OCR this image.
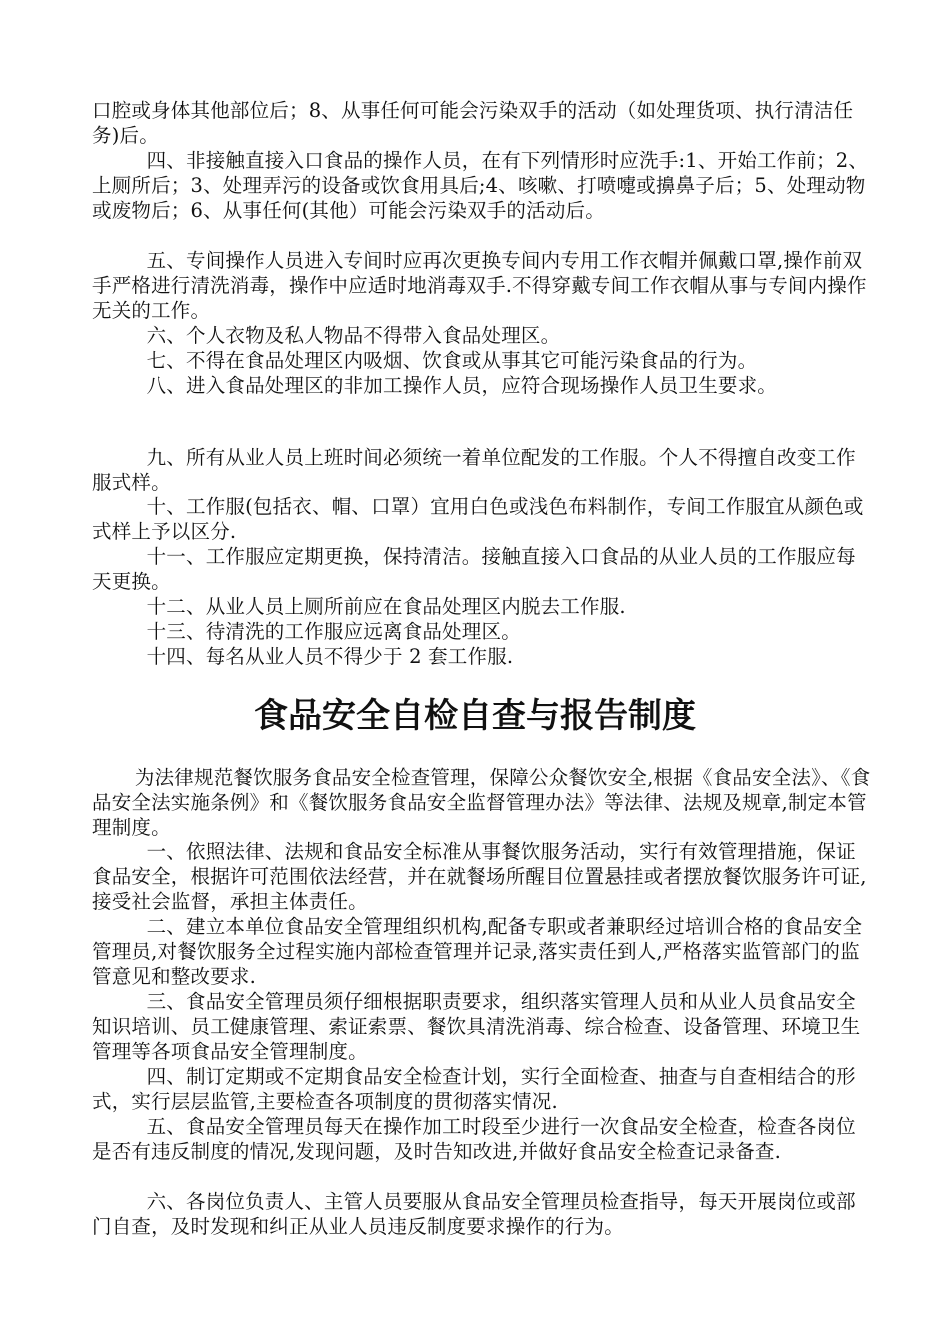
口腔或身体其他部位后；8、从事任何可能会污染双手的活动（如处理货项、执行清洁任务)后。

四、非接触直接入口食品的操作人员，在有下列情形时应洗手:1、开始工作前；2、上厕所后；3、处理弄污的设备或饮食用具后;4、咳嗽、打喷嚏或擤鼻子后；5、处理动物或废物后；6、从事任何(其他）可能会污染双手的活动后。

五、专间操作人员进入专间时应再次更换专间内专用工作衣帽并佩戴口罩,操作前双手严格进行清洗消毒，操作中应适时地消毒双手.不得穿戴专间工作衣帽从事与专间内操作无关的工作。

六、个人衣物及私人物品不得带入食品处理区。

七、不得在食品处理区内吸烟、饮食或从事其它可能污染食品的行为。

八、进入食品处理区的非加工操作人员，应符合现场操作人员卫生要求。

九、所有从业人员上班时间必须统一着单位配发的工作服。个人不得擅自改变工作服式样。

十、工作服(包括衣、帽、口罩）宜用白色或浅色布料制作，专间工作服宜从颜色或式样上予以区分.

十一、工作服应定期更换，保持清洁。接触直接入口食品的从业人员的工作服应每天更换。

十二、从业人员上厕所前应在食品处理区内脱去工作服.

十三、待清洗的工作服应远离食品处理区。

十四、每名从业人员不得少于 2 套工作服.

食品安全自检自查与报告制度

为法律规范餐饮服务食品安全检查管理，保障公众餐饮安全,根据《食品安全法》、《食品安全法实施条例》和《餐饮服务食品安全监督管理办法》等法律、法规及规章,制定本管理制度。

一、依照法律、法规和食品安全标准从事餐饮服务活动，实行有效管理措施，保证食品安全，根据许可范围依法经营，并在就餐场所醒目位置悬挂或者摆放餐饮服务许可证,接受社会监督，承担主体责任。

二、建立本单位食品安全管理组织机构,配备专职或者兼职经过培训合格的食品安全管理员,对餐饮服务全过程实施内部检查管理并记录,落实责任到人,严格落实监管部门的监管意见和整改要求.

三、食品安全管理员须仔细根据职责要求，组织落实管理人员和从业人员食品安全知识培训、员工健康管理、索证索票、餐饮具清洗消毒、综合检查、设备管理、环境卫生管理等各项食品安全管理制度。

四、制订定期或不定期食品安全检查计划，实行全面检查、抽查与自查相结合的形式，实行层层监管,主要检查各项制度的贯彻落实情况.

五、食品安全管理员每天在操作加工时段至少进行一次食品安全检查，检查各岗位是否有违反制度的情况,发现问题，及时告知改进,并做好食品安全检查记录备查.

六、各岗位负责人、主管人员要服从食品安全管理员检查指导，每天开展岗位或部门自查，及时发现和纠正从业人员违反制度要求操作的行为。
